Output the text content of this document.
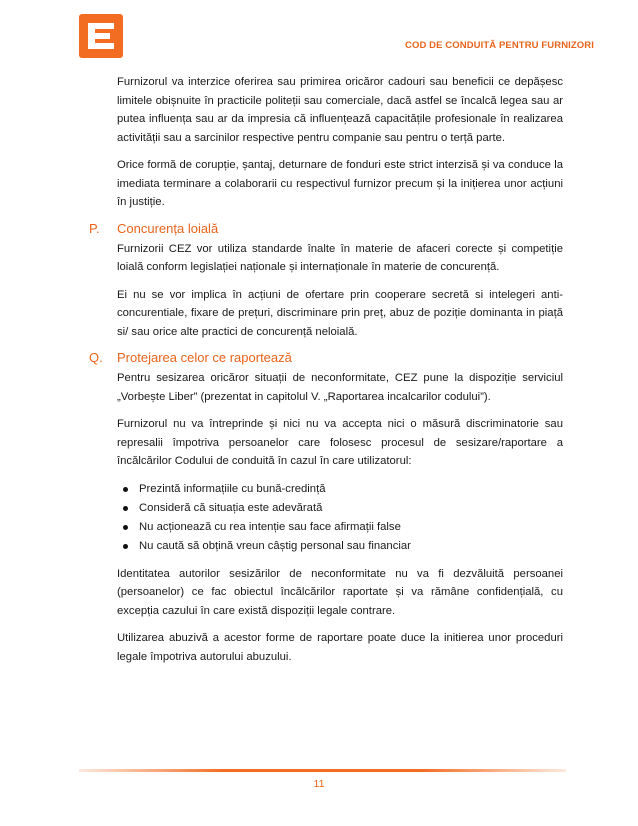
COD DE CONDUITĂ PENTRU FURNIZORI

Furnizorul va interzice oferirea sau primirea oricăror cadouri sau beneficii ce depășesc limitele obișnuite în practicile politeții sau comerciale, dacă astfel se încalcă legea sau ar putea influența sau ar da impresia că influențează capacitățile profesionale în realizarea activității sau a sarcinilor respective pentru companie sau pentru o terță parte.

Orice formă de corupție, șantaj, deturnare de fonduri este strict interzisă și va conduce la imediata terminare a colaborarii cu respectivul furnizor precum și la inițierea unor acțiuni în justiție.

P. Concurența loială

Furnizorii CEZ vor utiliza standarde înalte în materie de afaceri corecte și competiție loială conform legislației naționale și internaționale în materie de concurență.

Ei nu se vor implica în acțiuni de ofertare prin cooperare secretă si intelegeri anti-concurentiale, fixare de prețuri, discriminare prin preț, abuz de poziție dominanta in piață si/ sau orice alte practici de concurență neloială.

Q. Protejarea celor ce raportează

Pentru sesizarea oricăror situații de neconformitate, CEZ pune la dispoziție serviciul „Vorbește Liber” (prezentat in capitolul V. „Raportarea incalcarilor codului”).

Furnizorul nu va întreprinde și nici nu va accepta nici o măsură discriminatorie sau represalii împotriva persoanelor care folosesc procesul de sesizare/raportare a încălcărilor Codului de conduită în cazul în care utilizatorul:

Prezintă informațiile cu bună-credință
Consideră că situația este adevărată
Nu acționează cu rea intenție sau face afirmații false
Nu caută să obțină vreun câștig personal sau financiar

Identitatea autorilor sesizărilor de neconformitate nu va fi dezvăluită persoanei (persoanelor) ce fac obiectul încălcărilor raportate și va rămâne confidențială, cu excepția cazului în care există dispoziții legale contrare.

Utilizarea abuzivă a acestor forme de raportare poate duce la initierea unor proceduri legale împotriva autorului abuzului.

11
